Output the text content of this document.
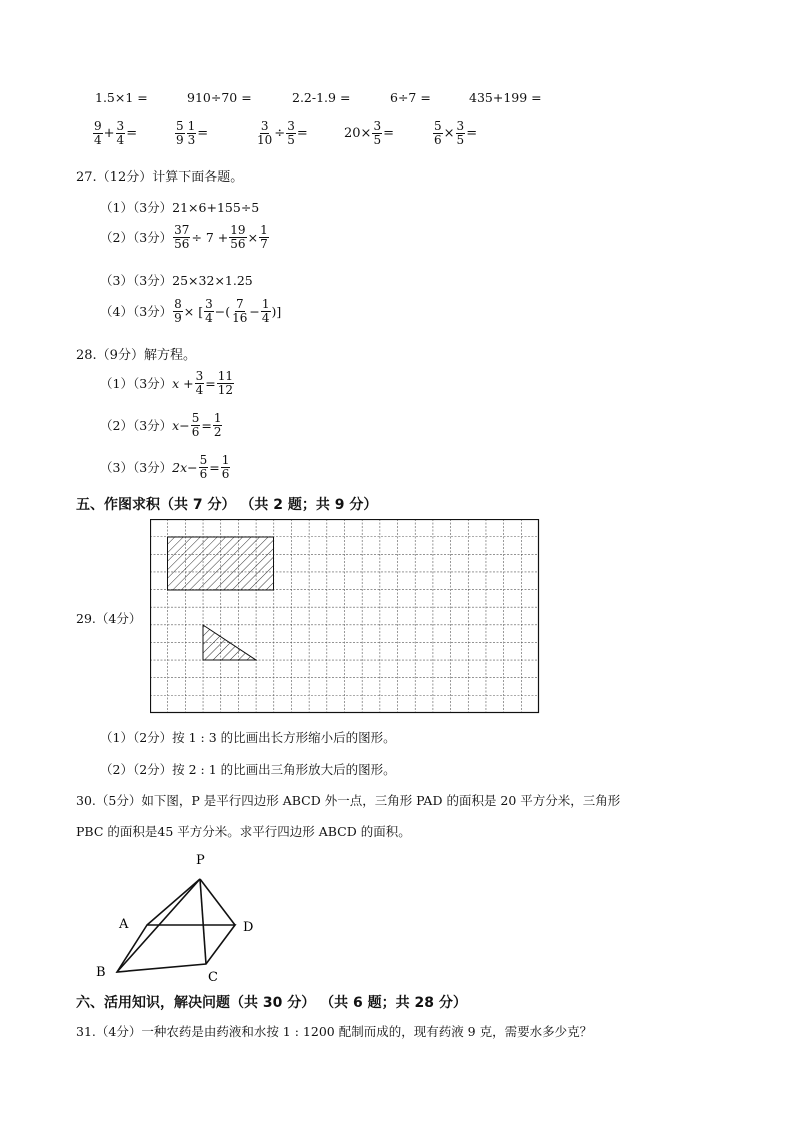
1.5×1 =	910÷70 =	2.2-1.9 =	6÷7 =	435+199 =
$\frac{9}{4} + \frac{3}{4}$ =	$\frac{5}{9} \frac{1}{3}$ =	$\frac{3}{10} \div \frac{3}{5}$ =	$20\times \frac{3}{5}$ =	$\frac{5}{6} \times \frac{3}{5}$ =
27.（12分）计算下面各题。
（1）（3分） 21×6+155÷5
（2）（3分） $\frac{37}{56} \div 7 + \frac{19}{56} \times \frac{1}{7}$
（3）（3分） 25×32×1.25
（4）（3分） $\frac{8}{9}$ × [ $\frac{3}{4}$ −( $\frac{7}{16} - \frac{1}{4}$ )]
28.（9分）解方程。
（1）（3分） $x + \frac{3}{4} = \frac{11}{12}$
（2）（3分） $x- \frac{5}{6} = \frac{1}{2}$
（3）（3分） $2x- \frac{5}{6} = \frac{1}{6}$
五、作图求积（共 7 分） （共 2 题；共 9 分）
29.（4分）
（1）（2分）按 1 : 3 的比画出长方形缩小后的图形。
（2）（2分）按 2 : 1 的比画出三角形放大后的图形。
30.（5分）如下图，P 是平行四边形 ABCD 外一点，三角形 PAD 的面积是 20 平方分米，三角形
PBC 的面积是45 平方分米。求平行四边形 ABCD 的面积。
P
A
B	C
D
六、活用知识，解决问题（共 30 分） （共 6 题；共 28 分）
31.（4分）一种农药是由药液和水按 1 : 1200 配制而成的，现有药液 9 克，需要水多少克？
